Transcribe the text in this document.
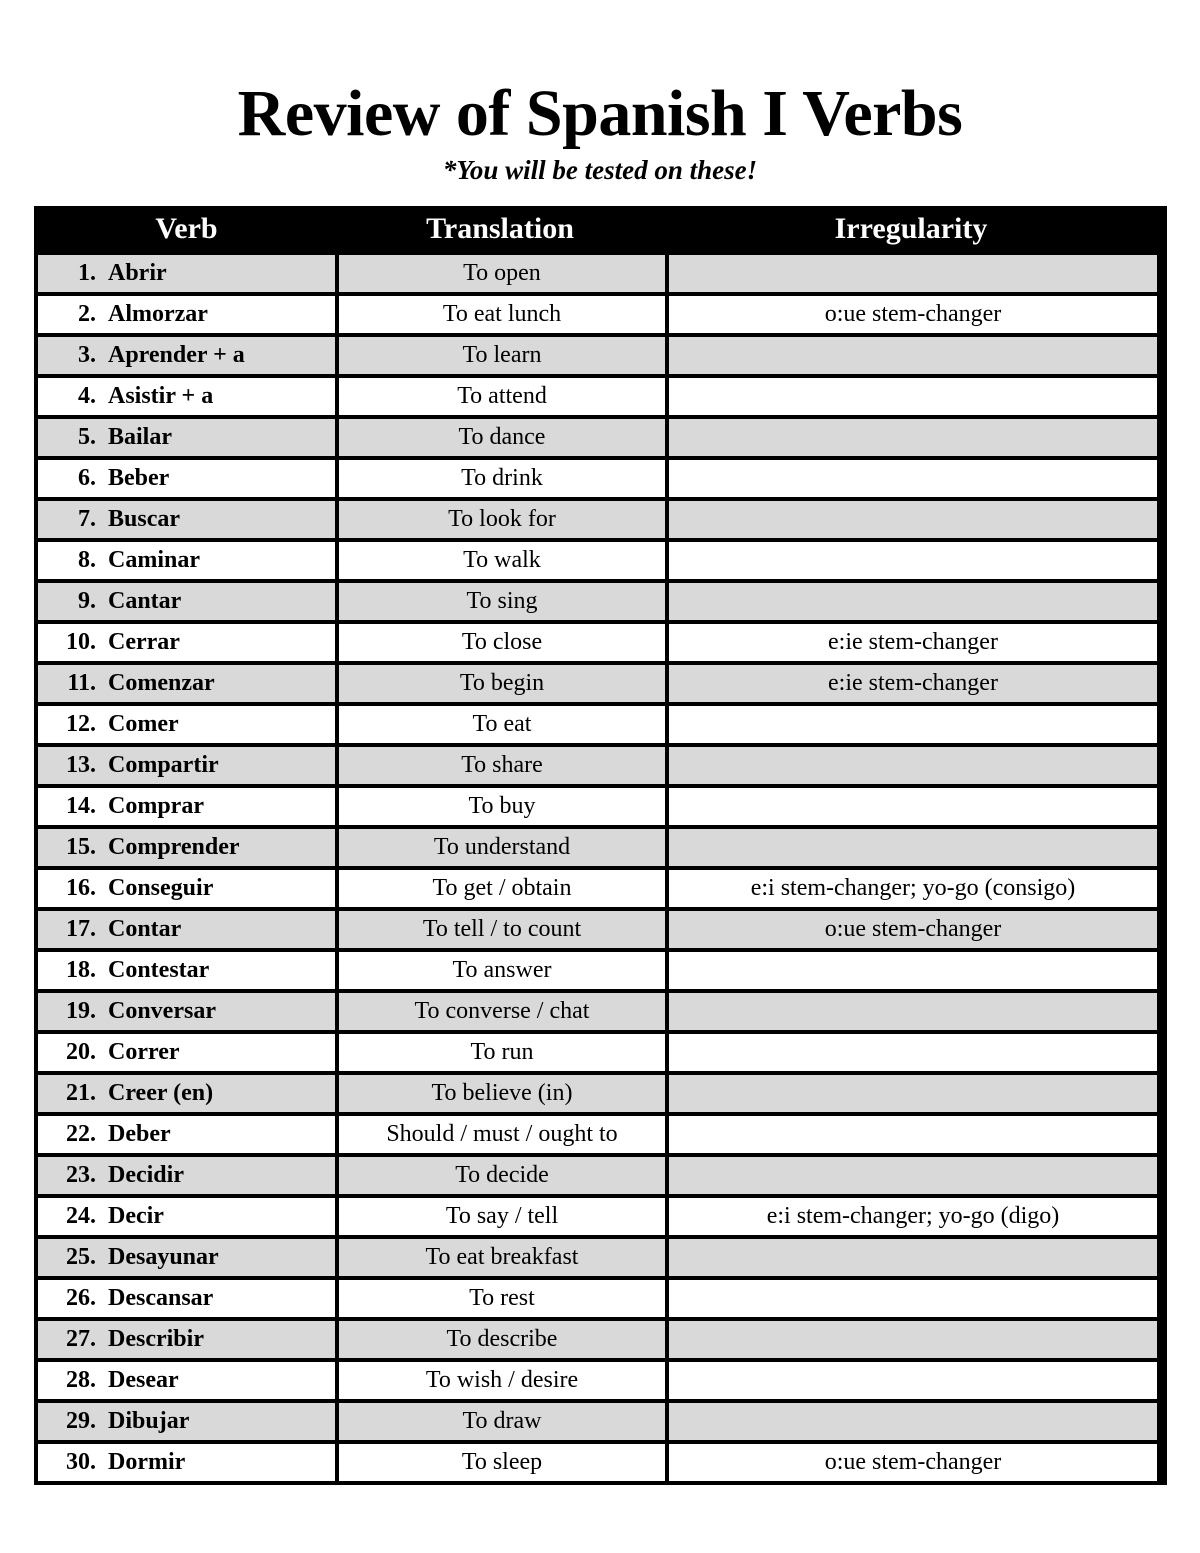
Review of Spanish I Verbs
*You will be tested on these!
Verb	Translation	Irregularity
1. Abrir	To open
2. Almorzar	To eat lunch	o:ue stem-changer
3. Aprender + a	To learn
4. Asistir + a	To attend
5. Bailar	To dance
6. Beber	To drink
7. Buscar	To look for
8. Caminar	To walk
9. Cantar	To sing
10. Cerrar	To close	e:ie stem-changer
11. Comenzar	To begin	e:ie stem-changer
12. Comer	To eat
13. Compartir	To share
14. Comprar	To buy
15. Comprender	To understand
16. Conseguir	To get / obtain	e:i stem-changer; yo-go (consigo)
17. Contar	To tell / to count	o:ue stem-changer
18. Contestar	To answer
19. Conversar	To converse / chat
20. Correr	To run
21. Creer (en)	To believe (in)
22. Deber	Should / must / ought to
23. Decidir	To decide
24. Decir	To say / tell	e:i stem-changer; yo-go (digo)
25. Desayunar	To eat breakfast
26. Descansar	To rest
27. Describir	To describe
28. Desear	To wish / desire
29. Dibujar	To draw
30. Dormir	To sleep	o:ue stem-changer
